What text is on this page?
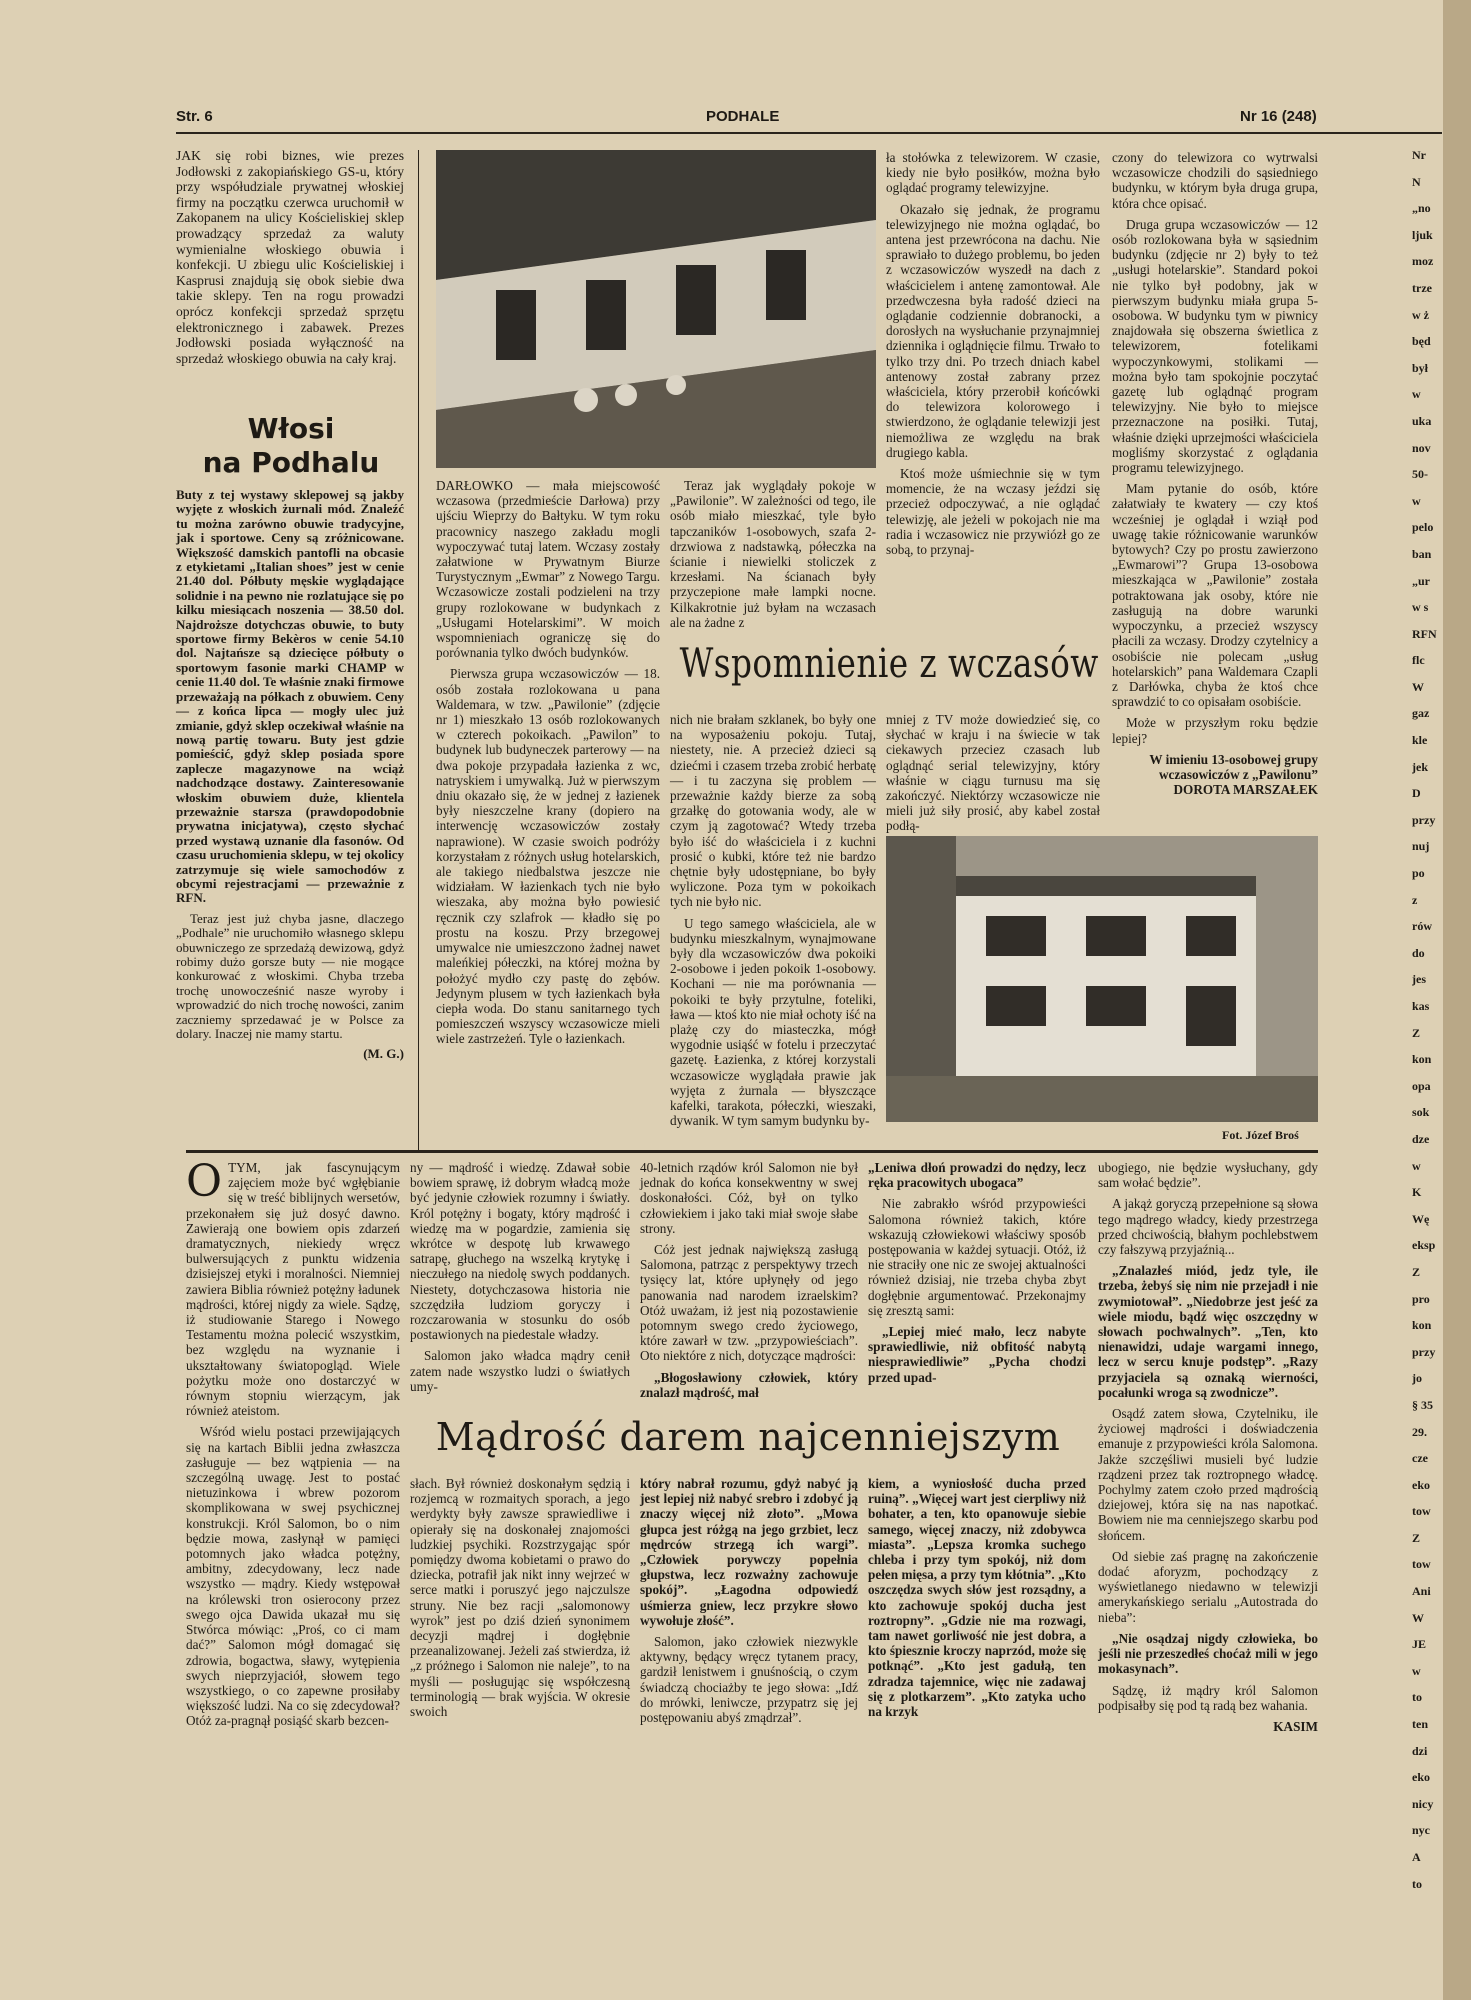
Str. 6	PODHALE	Nr 16 (248)

JAK się robi biznes, wie prezes Jodłowski z zakopiańskiego GS-u, który przy współudziale prywatnej włoskiej firmy na początku czerwca uruchomił w Zakopanem na ulicy Kościeliskiej sklep prowadzący sprzedaż za waluty wymienialne włoskiego obuwia i konfekcji. U zbiegu ulic Kościeliskiej i Kasprusi znajdują się obok siebie dwa takie sklepy. Ten na rogu prowadzi oprócz konfekcji sprzedaż sprzętu elektronicznego i zabawek. Prezes Jodłowski posiada wyłączność na sprzedaż włoskiego obuwia na cały kraj.

Włosi
na Podhalu

Buty z tej wystawy sklepowej są jakby wyjęte z włoskich żurnali mód. Znaleźć tu można zarówno obuwie tradycyjne, jak i sportowe. Ceny są zróżnicowane. Większość damskich pantofli na obcasie z etykietami „Italian shoes” jest w cenie 21.40 dol. Półbuty męskie wyglądające solidnie i na pewno nie rozlatujące się po kilku miesiącach noszenia — 38.50 dol. Najdroższe dotychczas obuwie, to buty sportowe firmy Bekèros w cenie 54.10 dol. Najtańsze są dziecięce półbuty o sportowym fasonie marki CHAMP w cenie 11.40 dol. Te właśnie znaki firmowe przeważają na półkach z obuwiem. Ceny — z końca lipca — mogły ulec już zmianie, gdyż sklep oczekiwał właśnie na nową partię towaru. Buty jest gdzie pomieścić, gdyż sklep posiada spore zaplecze magazynowe na wciąż nadchodzące dostawy. Zainteresowanie włoskim obuwiem duże, klientela przeważnie starsza (prawdopodobnie prywatna inicjatywa), często słychać przed wystawą uznanie dla fasonów. Od czasu uruchomienia sklepu, w tej okolicy zatrzymuje się wiele samochodów z obcymi rejestracjami — przeważnie z RFN.

Teraz jest już chyba jasne, dlaczego „Podhale” nie uruchomiło własnego sklepu obuwniczego ze sprzedażą dewizową, gdyż robimy dużo gorsze buty — nie mogące konkurować z włoskimi. Chyba trzeba trochę unowocześnić nasze wyroby i wprowadzić do nich trochę nowości, zanim zaczniemy sprzedawać je w Polsce za dolary. Inaczej nie mamy startu.

(M. G.)

DARŁOWKO — mała miejscowość wczasowa (przedmieście Darłowa) przy ujściu Wieprzy do Bałtyku. W tym roku pracownicy naszego zakładu mogli wypoczywać tutaj latem. Wczasy zostały załatwione w Prywatnym Biurze Turystycznym „Ewmar” z Nowego Targu. Wczasowicze zostali podzieleni na trzy grupy rozlokowane w budynkach z „Usługami Hotelarskimi”. W moich wspomnieniach ograniczę się do porównania tylko dwóch budynków.

Pierwsza grupa wczasowiczów — 18. osób została rozlokowana u pana Waldemara, w tzw. „Pawilonie” (zdjęcie nr 1) mieszkało 13 osób rozlokowanych w czterech pokoikach. „Pawilon” to budynek lub budyneczek parterowy — na dwa pokoje przypadała łazienka z wc, natryskiem i umywalką. Już w pierwszym dniu okazało się, że w jednej z łazienek były nieszczelne krany (dopiero na interwencję wczasowiczów zostały naprawione). W czasie swoich podróży korzystałam z różnych usług hotelarskich, ale takiego niedbalstwa jeszcze nie widziałam. W łazienkach tych nie było wieszaka, aby można było powiesić ręcznik czy szlafrok — kładło się po prostu na koszu. Przy brzegowej umywalce nie umieszczono żadnej nawet maleńkiej półeczki, na której można by położyć mydło czy pastę do zębów. Jedynym plusem w tych łazienkach była ciepła woda. Do stanu sanitarnego tych pomieszczeń wszyscy wczasowicze mieli wiele zastrzeżeń. Tyle o łazienkach.

Teraz jak wyglądały pokoje w „Pawilonie”. W zależności od tego, ile osób miało mieszkać, tyle było tapczaników 1-osobowych, szafa 2-drzwiowa z nadstawką, półeczka na ścianie i niewielki stoliczek z krzesłami. Na ścianach były przyczepione małe lampki nocne. Kilkakrotnie już byłam na wczasach ale na żadne z

ła stołówka z telewizorem. W czasie, kiedy nie było posiłków, można było oglądać programy telewizyjne.

Okazało się jednak, że programu telewizyjnego nie można oglądać, bo antena jest przewrócona na dachu. Nie sprawiało to dużego problemu, bo jeden z wczasowiczów wyszedł na dach z właścicielem i antenę zamontował. Ale przedwczesna była radość dzieci na oglądanie codziennie dobranocki, a dorosłych na wysłuchanie przynajmniej dziennika i oglądnięcie filmu. Trwało to tylko trzy dni. Po trzech dniach kabel antenowy został zabrany przez właściciela, który przerobił końcówki do telewizora kolorowego i stwierdzono, że oglądanie telewizji jest niemożliwa ze względu na brak drugiego kabla.

Ktoś może uśmiechnie się w tym momencie, że na wczasy jeździ się przecież odpoczywać, a nie oglądać telewizję, ale jeżeli w pokojach nie ma radia i wczasowicz nie przywiózł go ze sobą, to przynaj-

czony do telewizora co wytrwalsi wczasowicze chodzili do sąsiedniego budynku, w którym była druga grupa, która chce opisać.

Druga grupa wczasowiczów — 12 osób rozlokowana była w sąsiednim budynku (zdjęcie nr 2) były to też „usługi hotelarskie”. Standard pokoi nie tylko był podobny, jak w pierwszym budynku miała grupa 5-osobowa. W budynku tym w piwnicy znajdowała się obszerna świetlica z telewizorem, fotelikami wypoczynkowymi, stolikami — można było tam spokojnie poczytać gazetę lub oglądnąć program telewizyjny. Nie było to miejsce przeznaczone na posiłki. Tutaj, właśnie dzięki uprzejmości właściciela mogliśmy skorzystać z oglądania programu telewizyjnego.

Mam pytanie do osób, które załatwiały te kwatery — czy ktoś wcześniej je oglądał i wziął pod uwagę takie różnicowanie warunków bytowych? Czy po prostu zawierzono „Ewmarowi”? Grupa 13-osobowa mieszkająca w „Pawilonie” została potraktowana jak osoby, które nie zasługują na dobre warunki wypoczynku, a przecież wszyscy płacili za wczasy. Drodzy czytelnicy a osobiście nie polecam „usług hotelarskich” pana Waldemara Czapli z Darłówka, chyba że ktoś chce sprawdzić to co opisałam osobiście.

Może w przyszłym roku będzie lepiej?

W imieniu 13-osobowej grupy wczasowiczów z „Pawilonu”
DOROTA MARSZAŁEK
Wspomnienie z wczasów

nich nie brałam szklanek, bo były one na wyposażeniu pokoju. Tutaj, niestety, nie. A przecież dzieci są dziećmi i czasem trzeba zrobić herbatę — i tu zaczyna się problem — przeważnie każdy bierze za sobą grzałkę do gotowania wody, ale w czym ją zagotować? Wtedy trzeba było iść do właściciela i z kuchni prosić o kubki, które też nie bardzo chętnie były udostępniane, bo były wyliczone. Poza tym w pokoikach tych nie było nic.

U tego samego właściciela, ale w budynku mieszkalnym, wynajmowane były dla wczasowiczów dwa pokoiki 2-osobowe i jeden pokoik 1-osobowy. Kochani — nie ma porównania — pokoiki te były przytulne, foteliki, ława — ktoś kto nie miał ochoty iść na plażę czy do miasteczka, mógł wygodnie usiąść w fotelu i przeczytać gazetę. Łazienka, z której korzystali wczasowicze wyglądała prawie jak wyjęta z żurnala — błyszczące kafelki, tarakota, półeczki, wieszaki, dywanik. W tym samym budynku by-

mniej z TV może dowiedzieć się, co słychać w kraju i na świecie w tak ciekawych przeciez czasach lub oglądnąć serial telewizyjny, który właśnie w ciągu turnusu ma się zakończyć. Niektórzy wczasowicze nie mieli już siły prosić, aby kabel został podłą-

Fot. Józef Broś

OTYM, jak fascynującym zajęciem może być wgłębianie się w treść biblijnych wersetów, przekonałem się już dosyć dawno. Zawierają one bowiem opis zdarzeń dramatycznych, niekiedy wręcz bulwersujących z punktu widzenia dzisiejszej etyki i moralności. Niemniej zawiera Biblia również potężny ładunek mądrości, której nigdy za wiele. Sądzę, iż studiowanie Starego i Nowego Testamentu można polecić wszystkim, bez względu na wyznanie i ukształtowany światopogląd. Wiele pożytku może ono dostarczyć w równym stopniu wierzącym, jak również ateistom.

Wśród wielu postaci przewijających się na kartach Biblii jedna zwłaszcza zasługuje — bez wątpienia — na szczególną uwagę. Jest to postać nietuzinkowa i wbrew pozorom skomplikowana w swej psychicznej konstrukcji. Król Salomon, bo o nim będzie mowa, zasłynął w pamięci potomnych jako władca potężny, ambitny, zdecydowany, lecz nade wszystko — mądry. Kiedy wstępował na królewski tron osierocony przez swego ojca Dawida ukazał mu się Stwórca mówiąc: „Proś, co ci mam dać?” Salomon mógł domagać się zdrowia, bogactwa, sławy, wytępienia swych nieprzyjaciół, słowem tego wszystkiego, o co zapewne prosiłaby większość ludzi. Na co się zdecydował? Otóż za-pragnął posiąść skarb bezcen-

ny — mądrość i wiedzę. Zdawał sobie bowiem sprawę, iż dobrym władcą może być jedynie człowiek rozumny i światły. Król potężny i bogaty, który mądrość i wiedzę ma w pogardzie, zamienia się wkrótce w despotę lub krwawego satrapę, głuchego na wszelką krytykę i nieczułego na niedolę swych poddanych. Niestety, dotychczasowa historia nie szczędziła ludziom goryczy i rozczarowania w stosunku do osób postawionych na piedestale władzy.

Salomon jako władca mądry cenił zatem nade wszystko ludzi o światłych umy-

40-letnich rządów król Salomon nie był jednak do końca konsekwentny w swej doskonałości. Cóż, był on tylko człowiekiem i jako taki miał swoje słabe strony.

Cóż jest jednak największą zasługą Salomona, patrząc z perspektywy trzech tysięcy lat, które upłynęły od jego panowania nad narodem izraelskim? Otóż uważam, iż jest nią pozostawienie potomnym swego credo życiowego, które zawarł w tzw. „przypowieściach”. Oto niektóre z nich, dotyczące mądrości:

„Błogosławiony człowiek, który znalazł mądrość, mał

„Leniwa dłoń prowadzi do nędzy, lecz ręka pracowitych ubogaca”

Nie zabrakło wśród przypowieści Salomona również takich, które wskazują człowiekowi właściwy sposób postępowania w każdej sytuacji. Otóż, iż nie straciły one nic ze swojej aktualności również dzisiaj, nie trzeba chyba zbyt dogłębnie argumentować. Przekonajmy się zresztą sami:

„Lepiej mieć mało, lecz nabyte sprawiedliwie, niż obfitość nabytą niesprawiedliwie” „Pycha chodzi przed upad-

ubogiego, nie będzie wysłuchany, gdy sam wołać będzie”.

A jakąż goryczą przepełnione są słowa tego mądrego władcy, kiedy przestrzega przed chciwością, błahym pochlebstwem czy fałszywą przyjaźnią...

„Znalazłeś miód, jedz tyle, ile trzeba, żebyś się nim nie przejadł i nie zwymiotował”. „Niedobrze jest jeść za wiele miodu, bądź więc oszczędny w słowach pochwalnych”. „Ten, kto nienawidzi, udaje wargami innego, lecz w sercu knuje podstęp”. „Razy przyjaciela są oznaką wierności, pocałunki wroga są zwodnicze”.

Osądź zatem słowa, Czytelniku, ile życiowej mądrości i doświadczenia emanuje z przypowieści króla Salomona. Jakże szczęśliwi musieli być ludzie rządzeni przez tak roztropnego władcę. Pochylmy zatem czoło przed mądrością dziejowej, która się na nas napotkać. Bowiem nie ma cenniejszego skarbu pod słońcem.

Od siebie zaś pragnę na zakończenie dodać aforyzm, pochodzący z wyświetlanego niedawno w telewizji amerykańskiego serialu „Autostrada do nieba”:

„Nie osądzaj nigdy człowieka, bo jeśli nie przeszedłeś choćaż mili w jego mokasynach”.

Sądzę, iż mądry król Salomon podpisałby się pod tą radą bez wahania.

KASIM
Mądrość darem najcenniejszym

słach. Był również doskonałym sędzią i rozjemcą w rozmaitych sporach, a jego werdykty były zawsze sprawiedliwe i opierały się na doskonałej znajomości ludzkiej psychiki. Rozstrzygając spór pomiędzy dwoma kobietami o prawo do dziecka, potrafił jak nikt inny wejrzeć w serce matki i poruszyć jego najczulsze struny. Nie bez racji „salomonowy wyrok” jest po dziś dzień synonimem decyzji mądrej i dogłębnie przeanalizowanej. Jeżeli zaś stwierdza, iż „z próżnego i Salomon nie naleje”, to na myśli — posługując się współczesną terminologią — brak wyjścia. W okresie swoich

który nabrał rozumu, gdyż nabyć ją jest lepiej niż nabyć srebro i zdobyć ją znaczy więcej niż złoto”. „Mowa głupca jest różgą na jego grzbiet, lecz mędrców strzegą ich wargi”. „Człowiek porywczy popełnia głupstwa, lecz rozważny zachowuje spokój”. „Łagodna odpowiedź uśmierza gniew, lecz przykre słowo wywołuje złość”.

Salomon, jako człowiek niezwykle aktywny, będący wręcz tytanem pracy, gardził lenistwem i gnuśnością, o czym świadczą chociażby te jego słowa: „Idź do mrówki, leniwcze, przypatrz się jej postępowaniu abyś zmądrzał”.

kiem, a wyniosłość ducha przed ruiną”. „Więcej wart jest cierpliwy niż bohater, a ten, kto opanowuje siebie samego, więcej znaczy, niż zdobywca miasta”. „Lepsza kromka suchego chleba i przy tym spokój, niż dom pełen mięsa, a przy tym kłótnia”. „Kto oszczędza swych słów jest rozsądny, a kto zachowuje spokój ducha jest roztropny”. „Gdzie nie ma rozwagi, tam nawet gorliwość nie jest dobra, a kto śpiesznie kroczy naprzód, może się potknąć”. „Kto jest gadułą, ten zdradza tajemnice, więc nie zadawaj się z plotkarzem”. „Kto zatyka ucho na krzyk

Nr
N
„no
ljuk
moz
trze
w ż
będ
był
w
uka
nov
50-
w
pelo
ban
„ur
w s
RFN
flc
W
gaz
kle
jek
D
przy
nuj
po
z
rów
do
jes
kas
Z
kon
opa
sok
dze
w
K
Wę
eksp
Z
pro
kon
przy
jo
§ 35
29.
cze
eko
tow
Z
tow
Ani
W
JE
w
to
ten
dzi
eko
nicy
nyc
A
to
